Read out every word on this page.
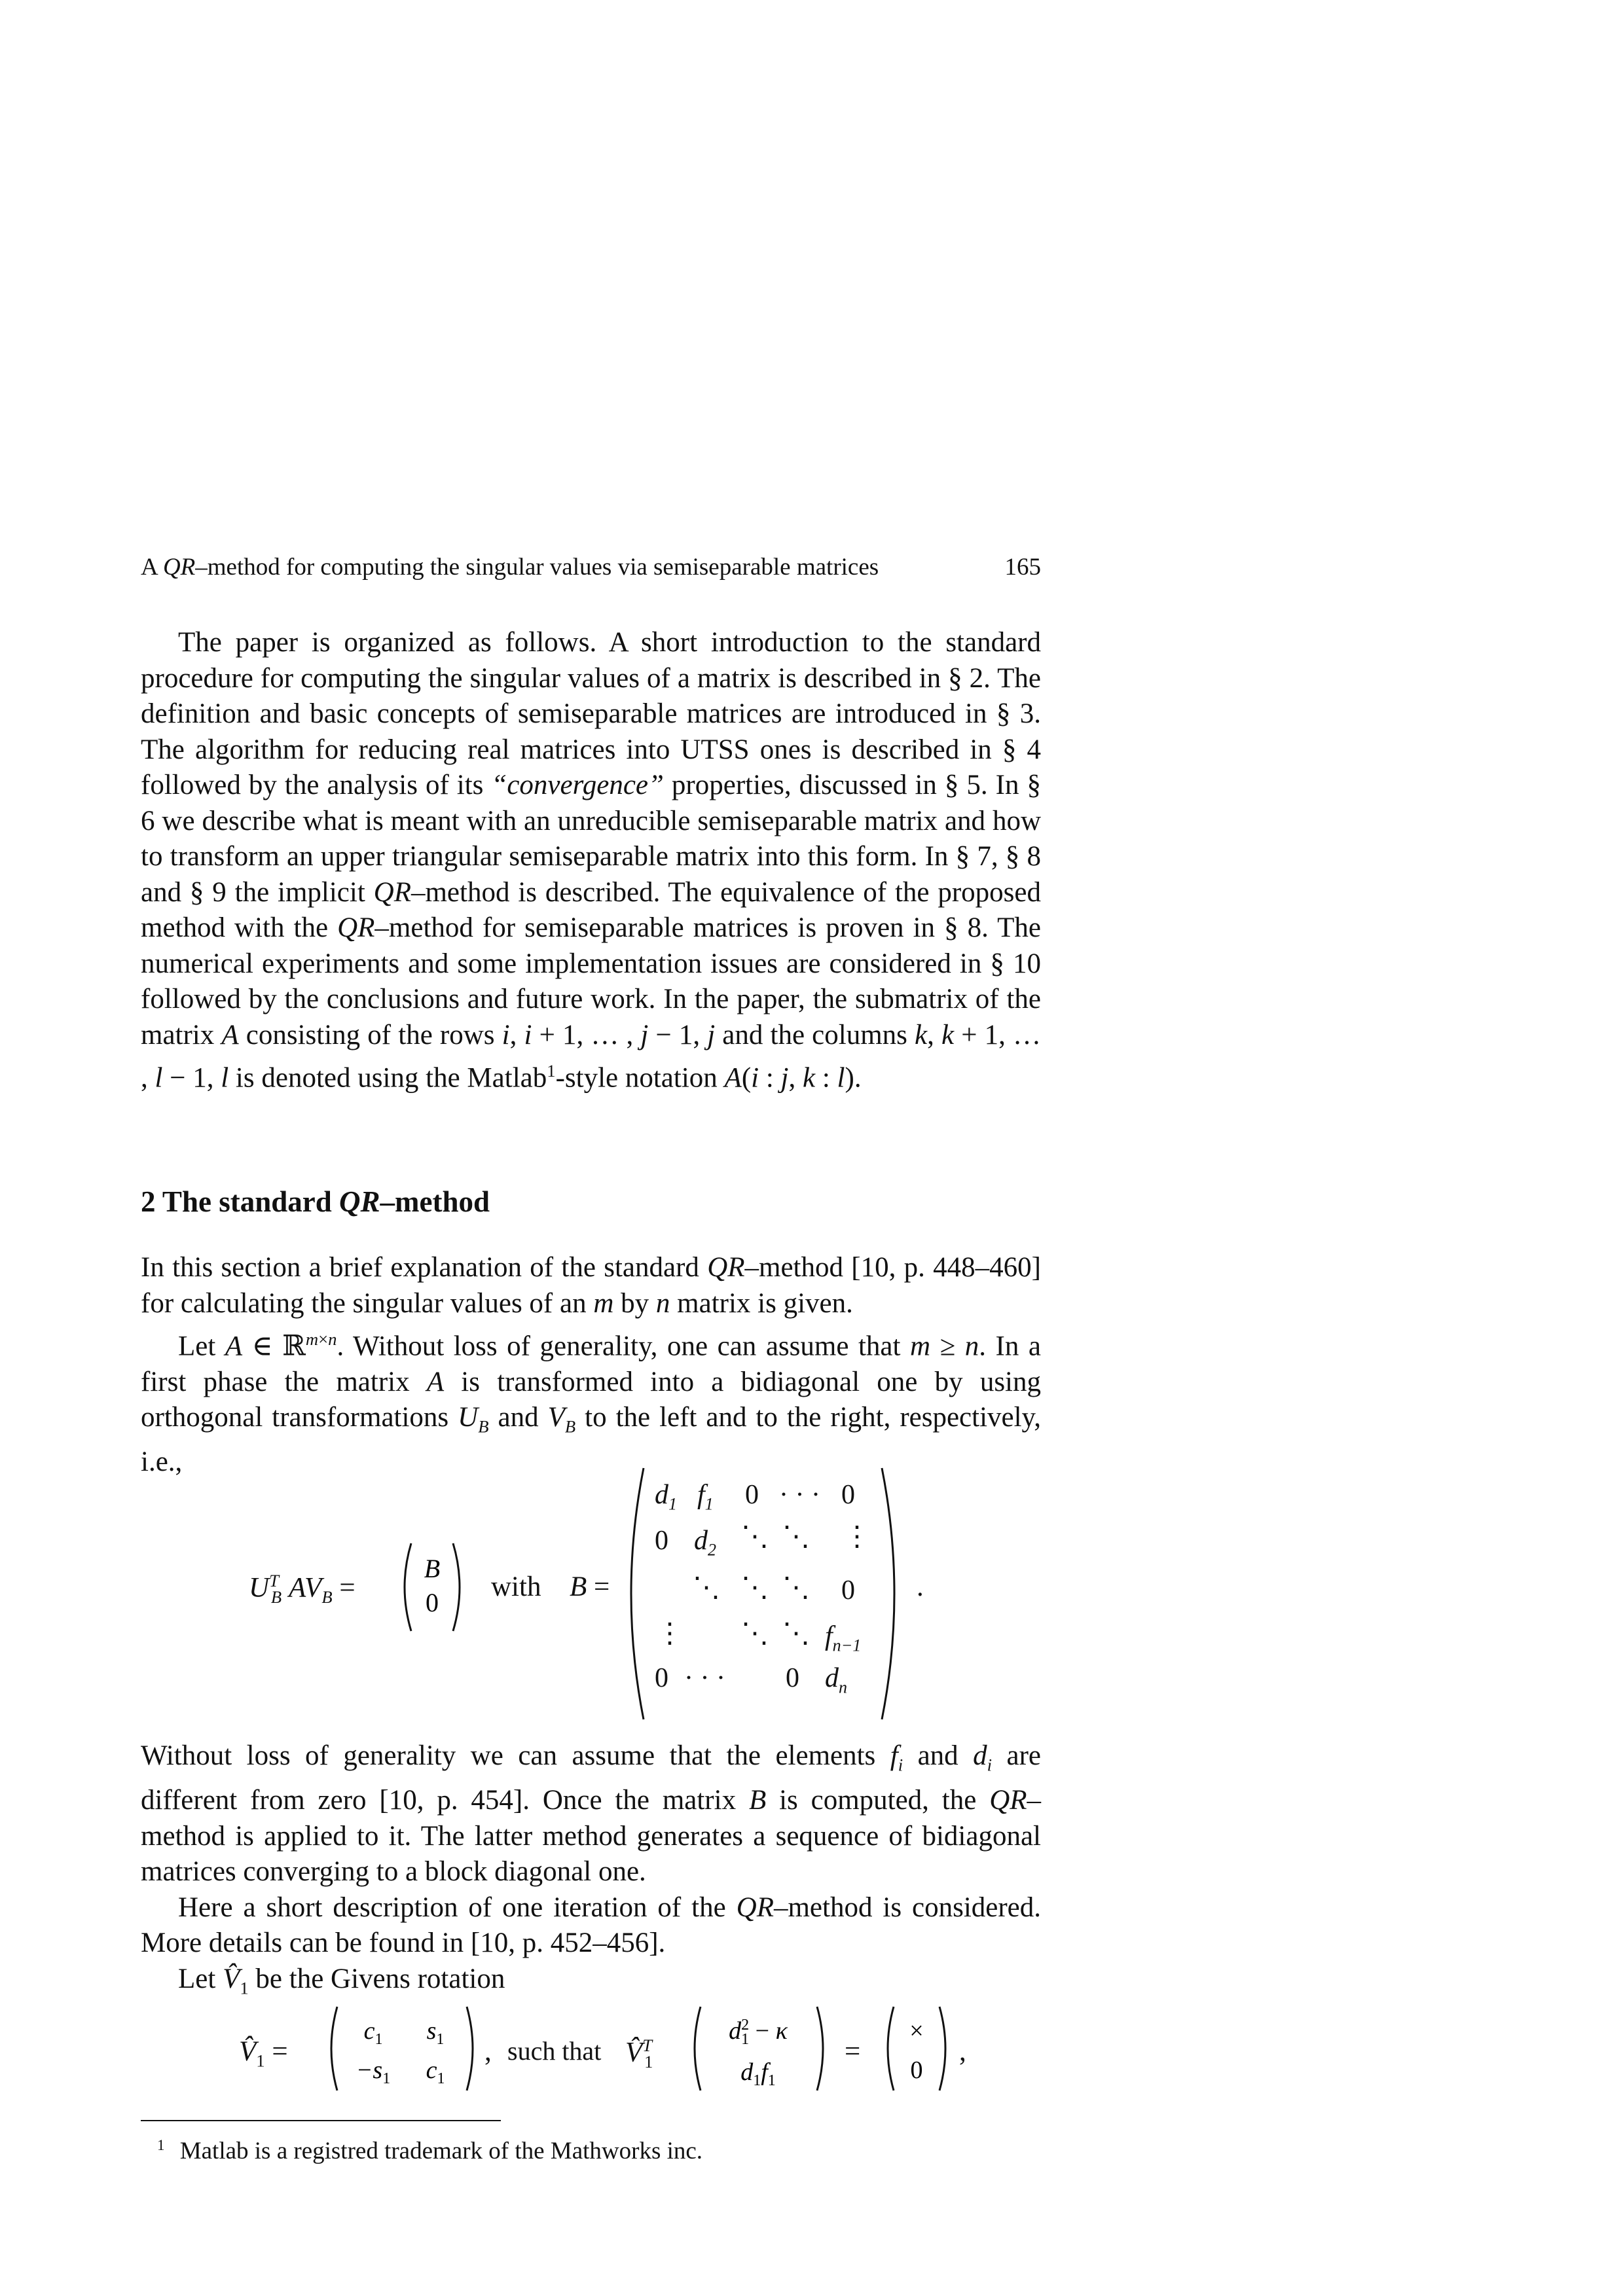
A QR–method for computing the singular values via semiseparable matrices	165

The paper is organized as follows. A short introduction to the standard procedure for computing the singular values of a matrix is described in § 2. The definition and basic concepts of semiseparable matrices are introduced in § 3. The algorithm for reducing real matrices into UTSS ones is described in § 4 followed by the analysis of its “convergence” properties, discussed in § 5. In § 6 we describe what is meant with an unreducible semiseparable matrix and how to transform an upper triangular semiseparable matrix into this form. In § 7, § 8 and § 9 the implicit QR–method is described. The equivalence of the proposed method with the QR–method for semiseparable matrices is proven in § 8. The numerical experiments and some implementation issues are considered in § 10 followed by the conclusions and future work. In the paper, the submatrix of the matrix A consisting of the rows i, i + 1, … , j − 1, j and the columns k, k + 1, … , l − 1, l is denoted using the Matlab$^1$-style notation A(i : j, k : l).

2 The standard QR–method

In this section a brief explanation of the standard QR–method [10, p. 448–460] for calculating the singular values of an m by n matrix is given.

Let A ∈ ℝ$^{m\times n}$. Without loss of generality, one can assume that m ≥ n. In a first phase the matrix A is transformed into a bidiagonal one by using orthogonal transformations $U_B$ and $V_B$ to the left and to the right, respectively, i.e.,

$U^T_B$ $AV_B$ =
B
0
with B =
$d_1$ $f_1$ 0 · · · 0
0 $d_2$ ⋱ ⋱ ⋮
⋱ ⋱ ⋱ 0
⋮ ⋱ ⋱ $f_{n-1}$
0 · · · 0 $d_n$
.

Without loss of generality we can assume that the elements $f_i$ and $d_i$ are different from zero [10, p. 454]. Once the matrix B is computed, the QR–method is applied to it. The latter method generates a sequence of bidiagonal matrices converging to a block diagonal one.

Here a short description of one iteration of the QR–method is considered. More details can be found in [10, p. 452–456].

Let $V̂_1$ be the Givens rotation

$V̂_1$ =
$c_1$ $s_1$
$-s_1$ $c_1$
, such that V̂$^T_1$
$d^2$ 1 − κ
$d_1f_1$
=
×
0
,
$^1$ Matlab is a registred trademark of the Mathworks inc.
